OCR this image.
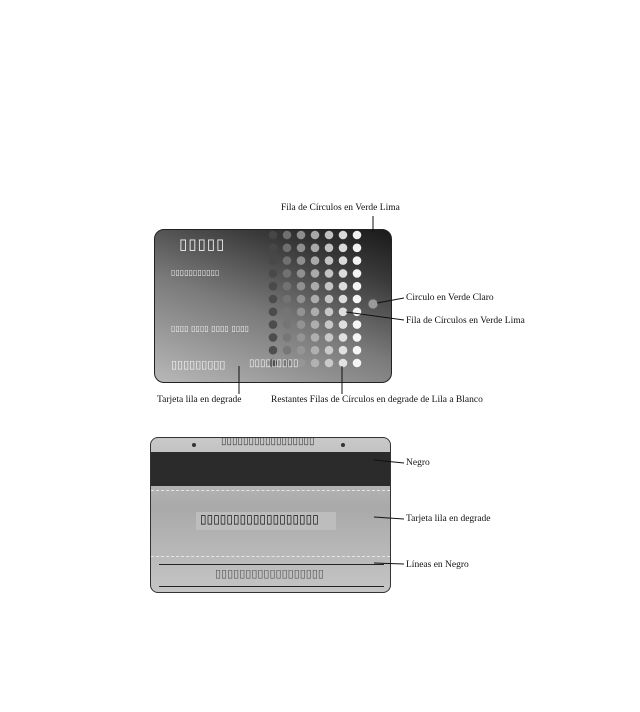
▯▯▯▯▯
▯▯▯▯▯▯▯▯▯▯▯
▯▯▯▯ ▯▯▯▯ ▯▯▯▯ ▯▯▯▯
▯▯▯▯▯▯▯▯▯ ▯▯▯▯▯▯▯▯▯
▯▯▯▯▯▯▯▯▯▯▯▯▯▯▯▯▯
▯▯▯▯▯▯▯▯▯▯▯▯▯▯▯▯▯▯
▯▯▯▯▯▯▯▯▯▯▯▯▯▯▯▯▯▯
Fila de Círculos en Verde Lima
Circulo en Verde Claro
Fila de Círculos en Verde Lima
Tarjeta lila en degrade	Restantes Filas de Círculos en degrade de Lila a Blanco
Negro
Tarjeta lila en degrade
Líneas en Negro
